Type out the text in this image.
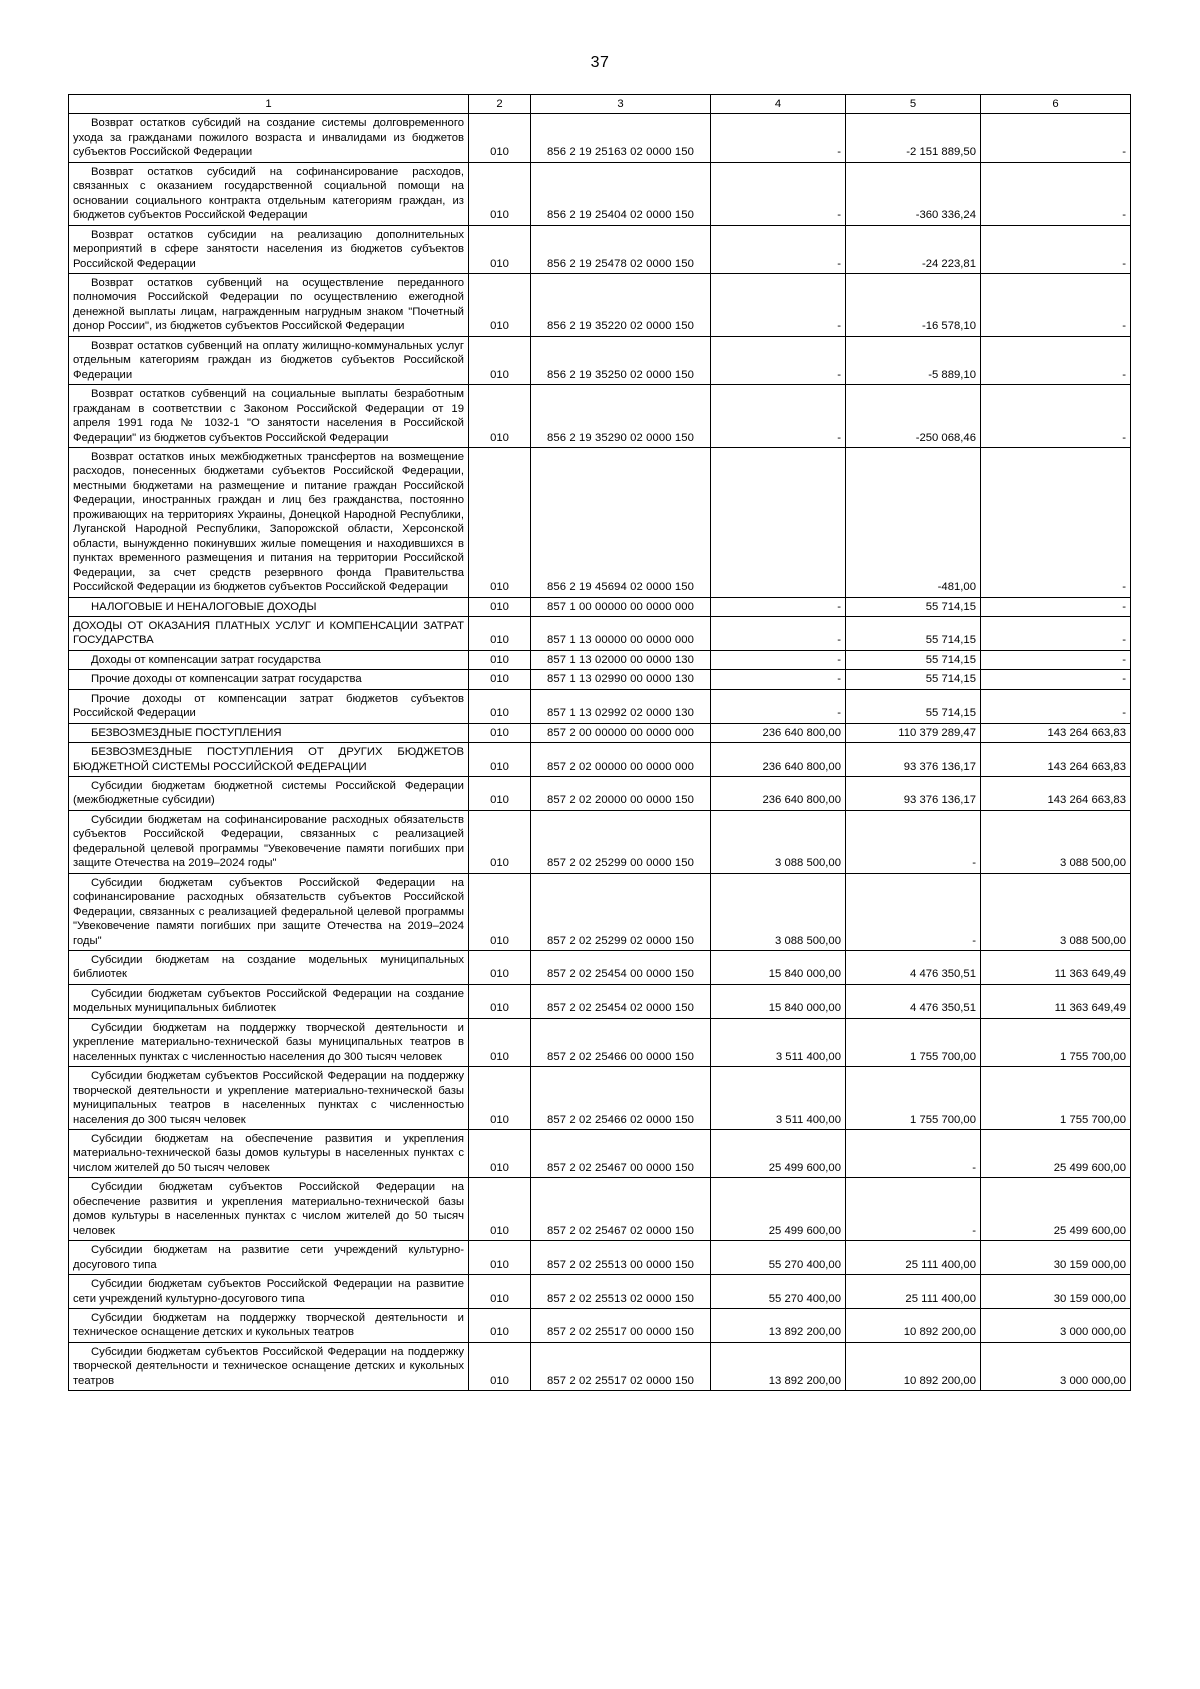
37
1	2	3	4	5	6
Возврат остатков субсидий на создание системы долговременного ухода за гражданами пожилого возраста и инвалидами из бюджетов субъектов Российской Федерации	010	856 2 19 25163 02 0000 150	-	-2 151 889,50	-
Возврат остатков субсидий на софинансирование расходов, связанных с оказанием государственной социальной помощи на основании социального контракта отдельным категориям граждан, из бюджетов субъектов Российской Федерации	010	856 2 19 25404 02 0000 150	-	-360 336,24	-
Возврат остатков субсидии на реализацию дополнительных мероприятий в сфере занятости населения из бюджетов субъектов Российской Федерации	010	856 2 19 25478 02 0000 150	-	-24 223,81	-
Возврат остатков субвенций на осуществление переданного полномочия Российской Федерации по осуществлению ежегодной денежной выплаты лицам, награжденным нагрудным знаком "Почетный донор России", из бюджетов субъектов Российской Федерации	010	856 2 19 35220 02 0000 150	-	-16 578,10	-
Возврат остатков субвенций на оплату жилищно-коммунальных услуг отдельным категориям граждан из бюджетов субъектов Российской Федерации	010	856 2 19 35250 02 0000 150	-	-5 889,10	-
Возврат остатков субвенций на социальные выплаты безработным гражданам в соответствии с Законом Российской Федерации от 19 апреля 1991 года № 1032-1 "О занятости населения в Российской Федерации" из бюджетов субъектов Российской Федерации	010	856 2 19 35290 02 0000 150	-	-250 068,46	-
Возврат остатков иных межбюджетных трансфертов на возмещение расходов, понесенных бюджетами субъектов Российской Федерации, местными бюджетами на размещение и питание граждан Российской Федерации, иностранных граждан и лиц без гражданства, постоянно проживающих на территориях Украины, Донецкой Народной Республики, Луганской Народной Республики, Запорожской области, Херсонской области, вынужденно покинувших жилые помещения и находившихся в пунктах временного размещения и питания на территории Российской Федерации, за счет средств резервного фонда Правительства Российской Федерации из бюджетов субъектов Российской Федерации	010	856 2 19 45694 02 0000 150		-481,00	-
НАЛОГОВЫЕ И НЕНАЛОГОВЫЕ ДОХОДЫ	010	857 1 00 00000 00 0000 000	-	55 714,15	-
ДОХОДЫ ОТ ОКАЗАНИЯ ПЛАТНЫХ УСЛУГ И КОМПЕНСАЦИИ ЗАТРАТ ГОСУДАРСТВА	010	857 1 13 00000 00 0000 000	-	55 714,15	-
Доходы от компенсации затрат государства	010	857 1 13 02000 00 0000 130	-	55 714,15	-
Прочие доходы от компенсации затрат государства	010	857 1 13 02990 00 0000 130	-	55 714,15	-
Прочие доходы от компенсации затрат бюджетов субъектов Российской Федерации	010	857 1 13 02992 02 0000 130	-	55 714,15	-
БЕЗВОЗМЕЗДНЫЕ ПОСТУПЛЕНИЯ	010	857 2 00 00000 00 0000 000	236 640 800,00	110 379 289,47	143 264 663,83
БЕЗВОЗМЕЗДНЫЕ ПОСТУПЛЕНИЯ ОТ ДРУГИХ БЮДЖЕТОВ БЮДЖЕТНОЙ СИСТЕМЫ РОССИЙСКОЙ ФЕДЕРАЦИИ	010	857 2 02 00000 00 0000 000	236 640 800,00	93 376 136,17	143 264 663,83
Субсидии бюджетам бюджетной системы Российской Федерации (межбюджетные субсидии)	010	857 2 02 20000 00 0000 150	236 640 800,00	93 376 136,17	143 264 663,83
Субсидии бюджетам на софинансирование расходных обязательств субъектов Российской Федерации, связанных с реализацией федеральной целевой программы "Увековечение памяти погибших при защите Отечества на 2019–2024 годы"	010	857 2 02 25299 00 0000 150	3 088 500,00	-	3 088 500,00
Субсидии бюджетам субъектов Российской Федерации на софинансирование расходных обязательств субъектов Российской Федерации, связанных с реализацией федеральной целевой программы "Увековечение памяти погибших при защите Отечества на 2019–2024 годы"	010	857 2 02 25299 02 0000 150	3 088 500,00	-	3 088 500,00
Субсидии бюджетам на создание модельных муниципальных библиотек	010	857 2 02 25454 00 0000 150	15 840 000,00	4 476 350,51	11 363 649,49
Субсидии бюджетам субъектов Российской Федерации на создание модельных муниципальных библиотек	010	857 2 02 25454 02 0000 150	15 840 000,00	4 476 350,51	11 363 649,49
Субсидии бюджетам на поддержку творческой деятельности и укрепление материально-технической базы муниципальных театров в населенных пунктах с численностью населения до 300 тысяч человек	010	857 2 02 25466 00 0000 150	3 511 400,00	1 755 700,00	1 755 700,00
Субсидии бюджетам субъектов Российской Федерации на поддержку творческой деятельности и укрепление материально-технической базы муниципальных театров в населенных пунктах с численностью населения до 300 тысяч человек	010	857 2 02 25466 02 0000 150	3 511 400,00	1 755 700,00	1 755 700,00
Субсидии бюджетам на обеспечение развития и укрепления материально-технической базы домов культуры в населенных пунктах с числом жителей до 50 тысяч человек	010	857 2 02 25467 00 0000 150	25 499 600,00	-	25 499 600,00
Субсидии бюджетам субъектов Российской Федерации на обеспечение развития и укрепления материально-технической базы домов культуры в населенных пунктах с числом жителей до 50 тысяч человек	010	857 2 02 25467 02 0000 150	25 499 600,00	-	25 499 600,00
Субсидии бюджетам на развитие сети учреждений культурно-досугового типа	010	857 2 02 25513 00 0000 150	55 270 400,00	25 111 400,00	30 159 000,00
Субсидии бюджетам субъектов Российской Федерации на развитие сети учреждений культурно-досугового типа	010	857 2 02 25513 02 0000 150	55 270 400,00	25 111 400,00	30 159 000,00
Субсидии бюджетам на поддержку творческой деятельности и техническое оснащение детских и кукольных театров	010	857 2 02 25517 00 0000 150	13 892 200,00	10 892 200,00	3 000 000,00
Субсидии бюджетам субъектов Российской Федерации на поддержку творческой деятельности и техническое оснащение детских и кукольных театров	010	857 2 02 25517 02 0000 150	13 892 200,00	10 892 200,00	3 000 000,00
